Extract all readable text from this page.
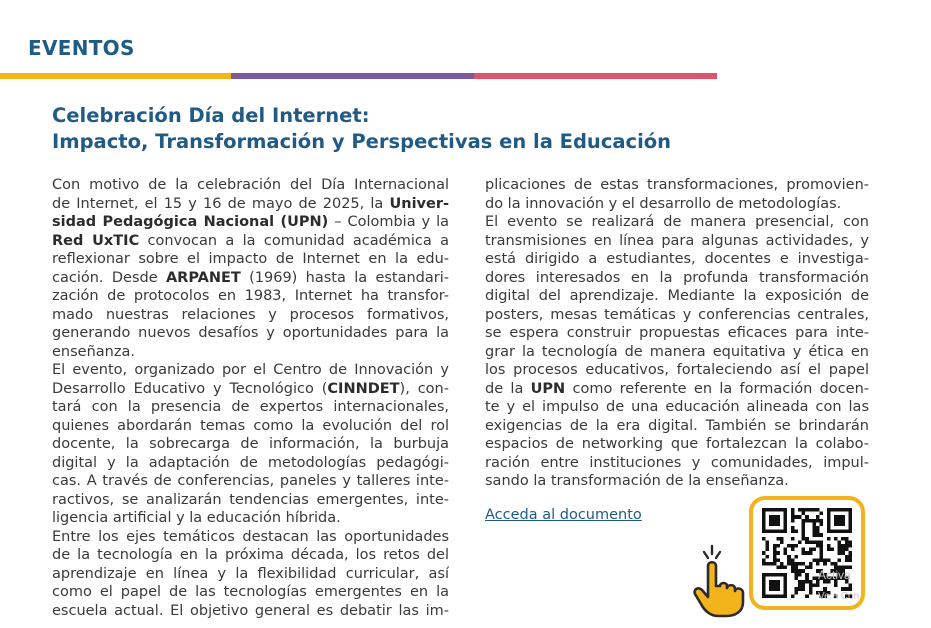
EVENTOS
Celebración Día del Internet:
Impacto, Transformación y Perspectivas en la Educación
Con motivo de la celebración del Día Internacional
de Internet, el 15 y 16 de mayo de 2025, la Univer-
sidad Pedagógica Nacional (UPN) – Colombia y la
Red UxTIC convocan a la comunidad académica a
reflexionar sobre el impacto de Internet en la edu-
cación. Desde ARPANET (1969) hasta la estandari-
zación de protocolos en 1983, Internet ha transfor-
mado nuestras relaciones y procesos formativos,
generando nuevos desafíos y oportunidades para la
enseñanza.
El evento, organizado por el Centro de Innovación y
Desarrollo Educativo y Tecnológico (CINNDET), con-
tará con la presencia de expertos internacionales,
quienes abordarán temas como la evolución del rol
docente, la sobrecarga de información, la burbuja
digital y la adaptación de metodologías pedagógi-
cas. A través de conferencias, paneles y talleres inte-
ractivos, se analizarán tendencias emergentes, inte-
ligencia artificial y la educación híbrida.
Entre los ejes temáticos destacan las oportunidades
de la tecnología en la próxima década, los retos del
aprendizaje en línea y la flexibilidad curricular, así
como el papel de las tecnologías emergentes en la
escuela actual. El objetivo general es debatir las im-
plicaciones de estas transformaciones, promovien-
do la innovación y el desarrollo de metodologías.
El evento se realizará de manera presencial, con
transmisiones en línea para algunas actividades, y
está dirigido a estudiantes, docentes e investiga-
dores interesados en la profunda transformación
digital del aprendizaje. Mediante la exposición de
posters, mesas temáticas y conferencias centrales,
se espera construir propuestas eficaces para inte-
grar la tecnología de manera equitativa y ética en
los procesos educativos, fortaleciendo así el papel
de la UPN como referente en la formación docen-
te y el impulso de una educación alineada con las
exigencias de la era digital. También se brindarán
espacios de networking que fortalezcan la colabo-
ración entre instituciones y comunidades, impul-
sando la transformación de la enseñanza.
Acceda al documento
Activa
Ve a Con
